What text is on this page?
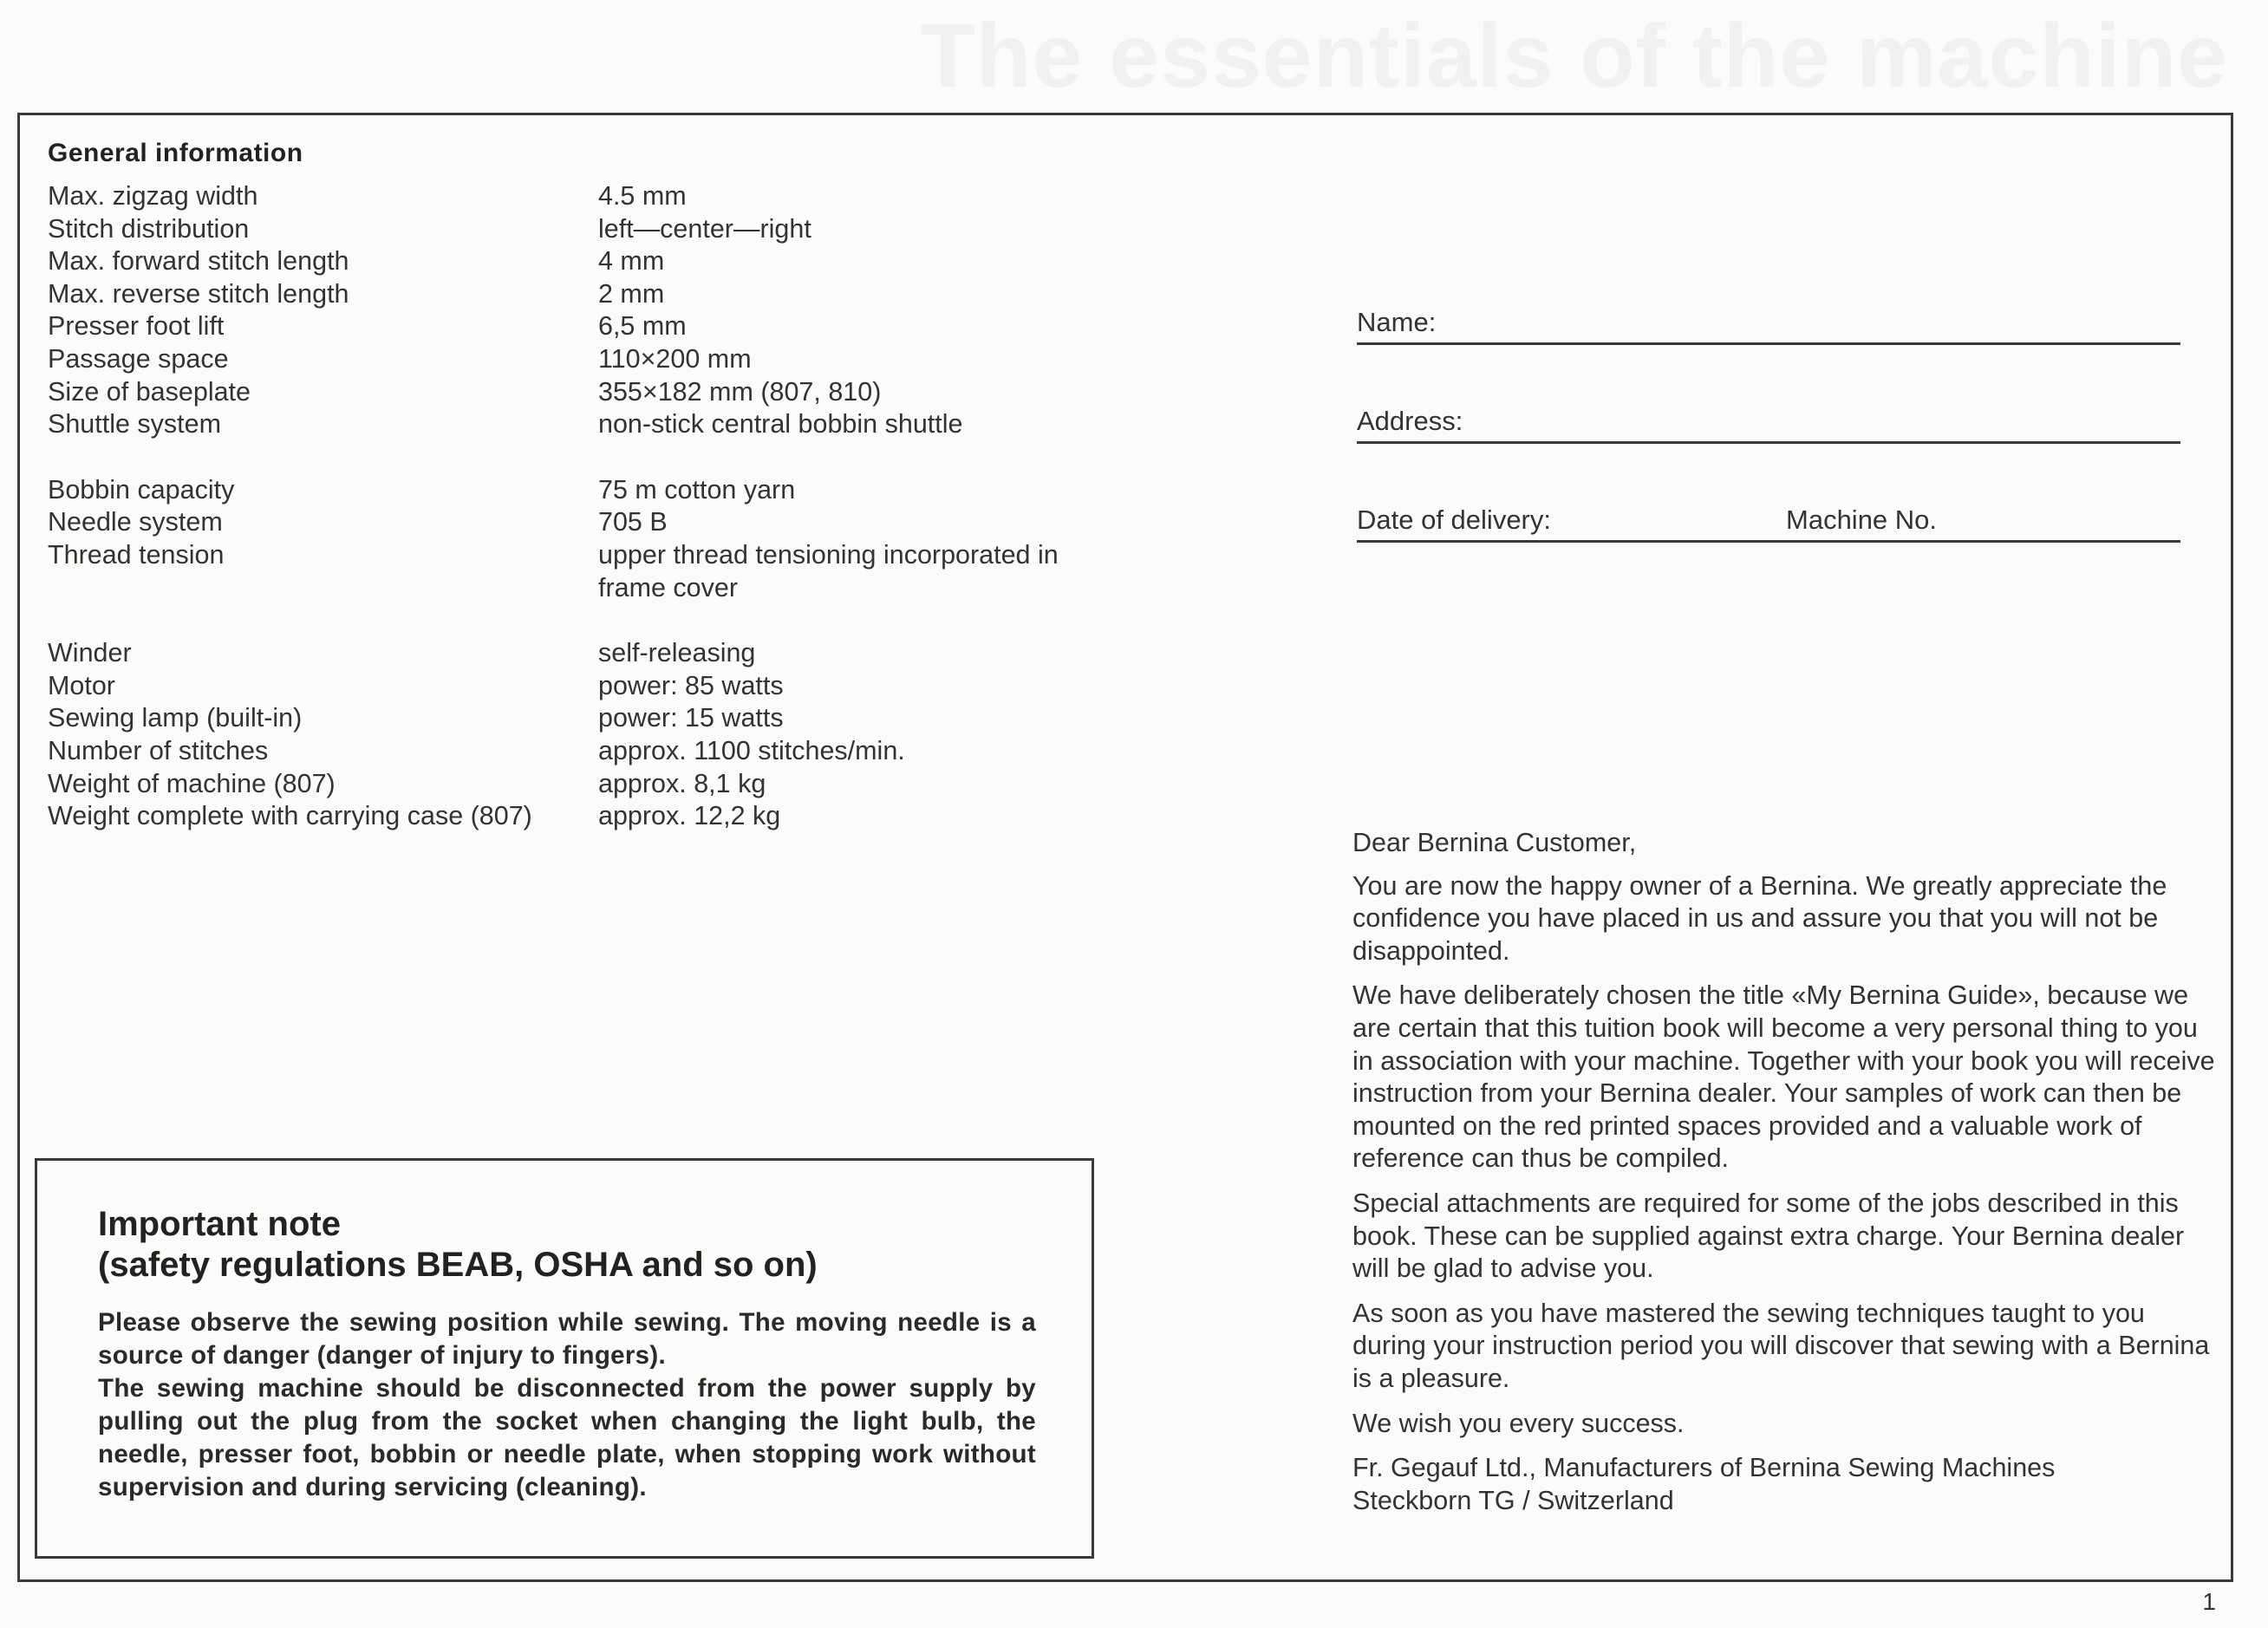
The essentials of the machine
General information
Max. zigzag width	4.5 mm
Stitch distribution	left—center—right
Max. forward stitch length	4 mm
Max. reverse stitch length	2 mm
Presser foot lift	6,5 mm
Passage space	110×200 mm
Size of baseplate	355×182 mm (807, 810)
Shuttle system	non-stick central bobbin shuttle
Bobbin capacity	75 m cotton yarn
Needle system	705 B
Thread tension	upper thread tensioning incorporated in
frame cover
Winder	self-releasing
Motor	power: 85 watts
Sewing lamp (built-in)	power: 15 watts
Number of stitches	approx. 1100 stitches/min.
Weight of machine (807)	approx. 8,1 kg
Weight complete with carrying case (807)	approx. 12,2 kg
Name:
Address:
Date of delivery:	Machine No.
Important note
(safety regulations BEAB, OSHA and so on)

Please observe the sewing position while sewing. The moving needle is a source of danger (danger of injury to fingers).

The sewing machine should be disconnected from the power supply by pulling out the plug from the socket when changing the light bulb, the needle, presser foot, bobbin or needle plate, when stopping work without supervision and during servicing (cleaning).

Dear Bernina Customer,

You are now the happy owner of a Bernina. We greatly appreciate the confidence you have placed in us and assure you that you will not be disappointed.

We have deliberately chosen the title «My Bernina Guide», because we are certain that this tuition book will become a very personal thing to you in association with your machine. Together with your book you will receive instruction from your Bernina dealer. Your samples of work can then be mounted on the red printed spaces provided and a valuable work of reference can thus be compiled.

Special attachments are required for some of the jobs described in this book. These can be supplied against extra charge. Your Bernina dealer will be glad to advise you.

As soon as you have mastered the sewing techniques taught to you during your instruction period you will discover that sewing with a Bernina is a pleasure.

We wish you every success.

Fr. Gegauf Ltd., Manufacturers of Bernina Sewing Machines
Steckborn TG / Switzerland
1
